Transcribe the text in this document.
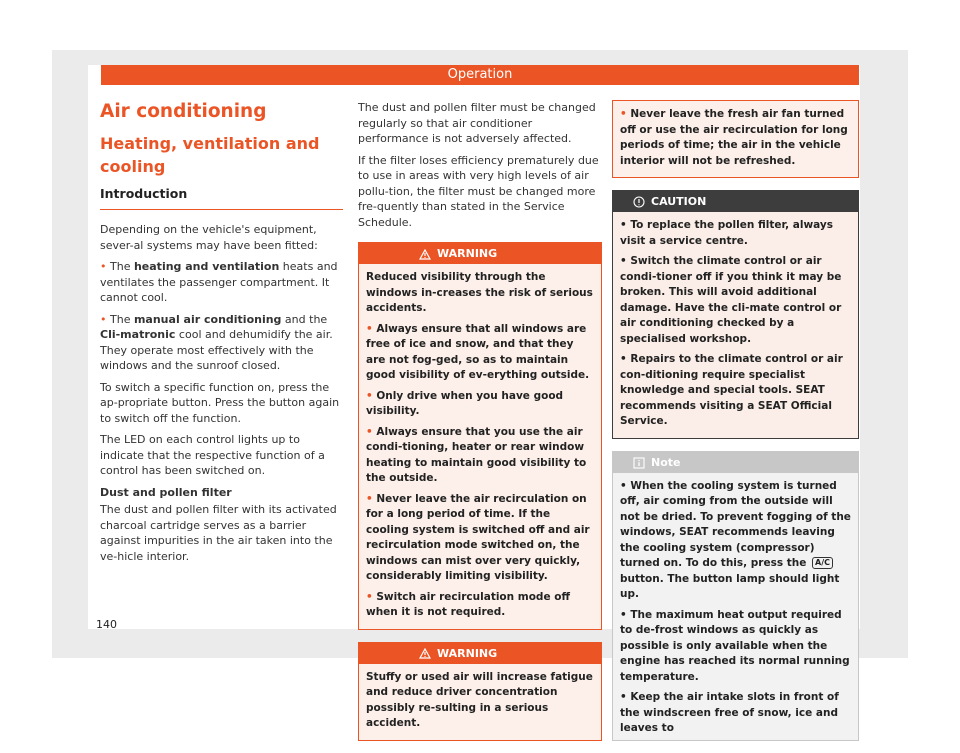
Operation
Air conditioning
Heating, ventilation and cooling
Introduction

Depending on the vehicle's equipment, sever-al systems may have been fitted:

• The heating and ventilation heats and ventilates the passenger compartment. It cannot cool.

• The manual air conditioning and the Cli-matronic cool and dehumidify the air. They operate most effectively with the windows and the sunroof closed.

To switch a specific function on, press the ap-propriate button. Press the button again to switch off the function.

The LED on each control lights up to indicate that the respective function of a control has been switched on.

Dust and pollen filter

The dust and pollen filter with its activated charcoal cartridge serves as a barrier against impurities in the air taken into the ve-hicle interior.

The dust and pollen filter must be changed regularly so that air conditioner performance is not adversely affected.

If the filter loses efficiency prematurely due to use in areas with very high levels of air pollu-tion, the filter must be changed more fre-quently than stated in the Service Schedule.

WARNING

Reduced visibility through the windows in-creases the risk of serious accidents.

• Always ensure that all windows are free of ice and snow, and that they are not fog-ged, so as to maintain good visibility of ev-erything outside.

• Only drive when you have good visibility.

• Always ensure that you use the air condi-tioning, heater or rear window heating to maintain good visibility to the outside.

• Never leave the air recirculation on for a long period of time. If the cooling system is switched off and air recirculation mode switched on, the windows can mist over very quickly, considerably limiting visibility.

• Switch air recirculation mode off when it is not required.

WARNING

Stuffy or used air will increase fatigue and reduce driver concentration possibly re-sulting in a serious accident.

• Never leave the fresh air fan turned off or use the air recirculation for long periods of time; the air in the vehicle interior will not be refreshed.

CAUTION

• To replace the pollen filter, always visit a service centre.

• Switch the climate control or air condi-tioner off if you think it may be broken. This will avoid additional damage. Have the cli-mate control or air conditioning checked by a specialised workshop.

• Repairs to the climate control or air con-ditioning require specialist knowledge and special tools. SEAT recommends visiting a SEAT Official Service.

Note

• When the cooling system is turned off, air coming from the outside will not be dried. To prevent fogging of the windows, SEAT recommends leaving the cooling system (compressor) turned on. To do this, press the A/C button. The button lamp should light up.

• The maximum heat output required to de-frost windows as quickly as possible is only available when the engine has reached its normal running temperature.

• Keep the air intake slots in front of the windscreen free of snow, ice and leaves to

140
